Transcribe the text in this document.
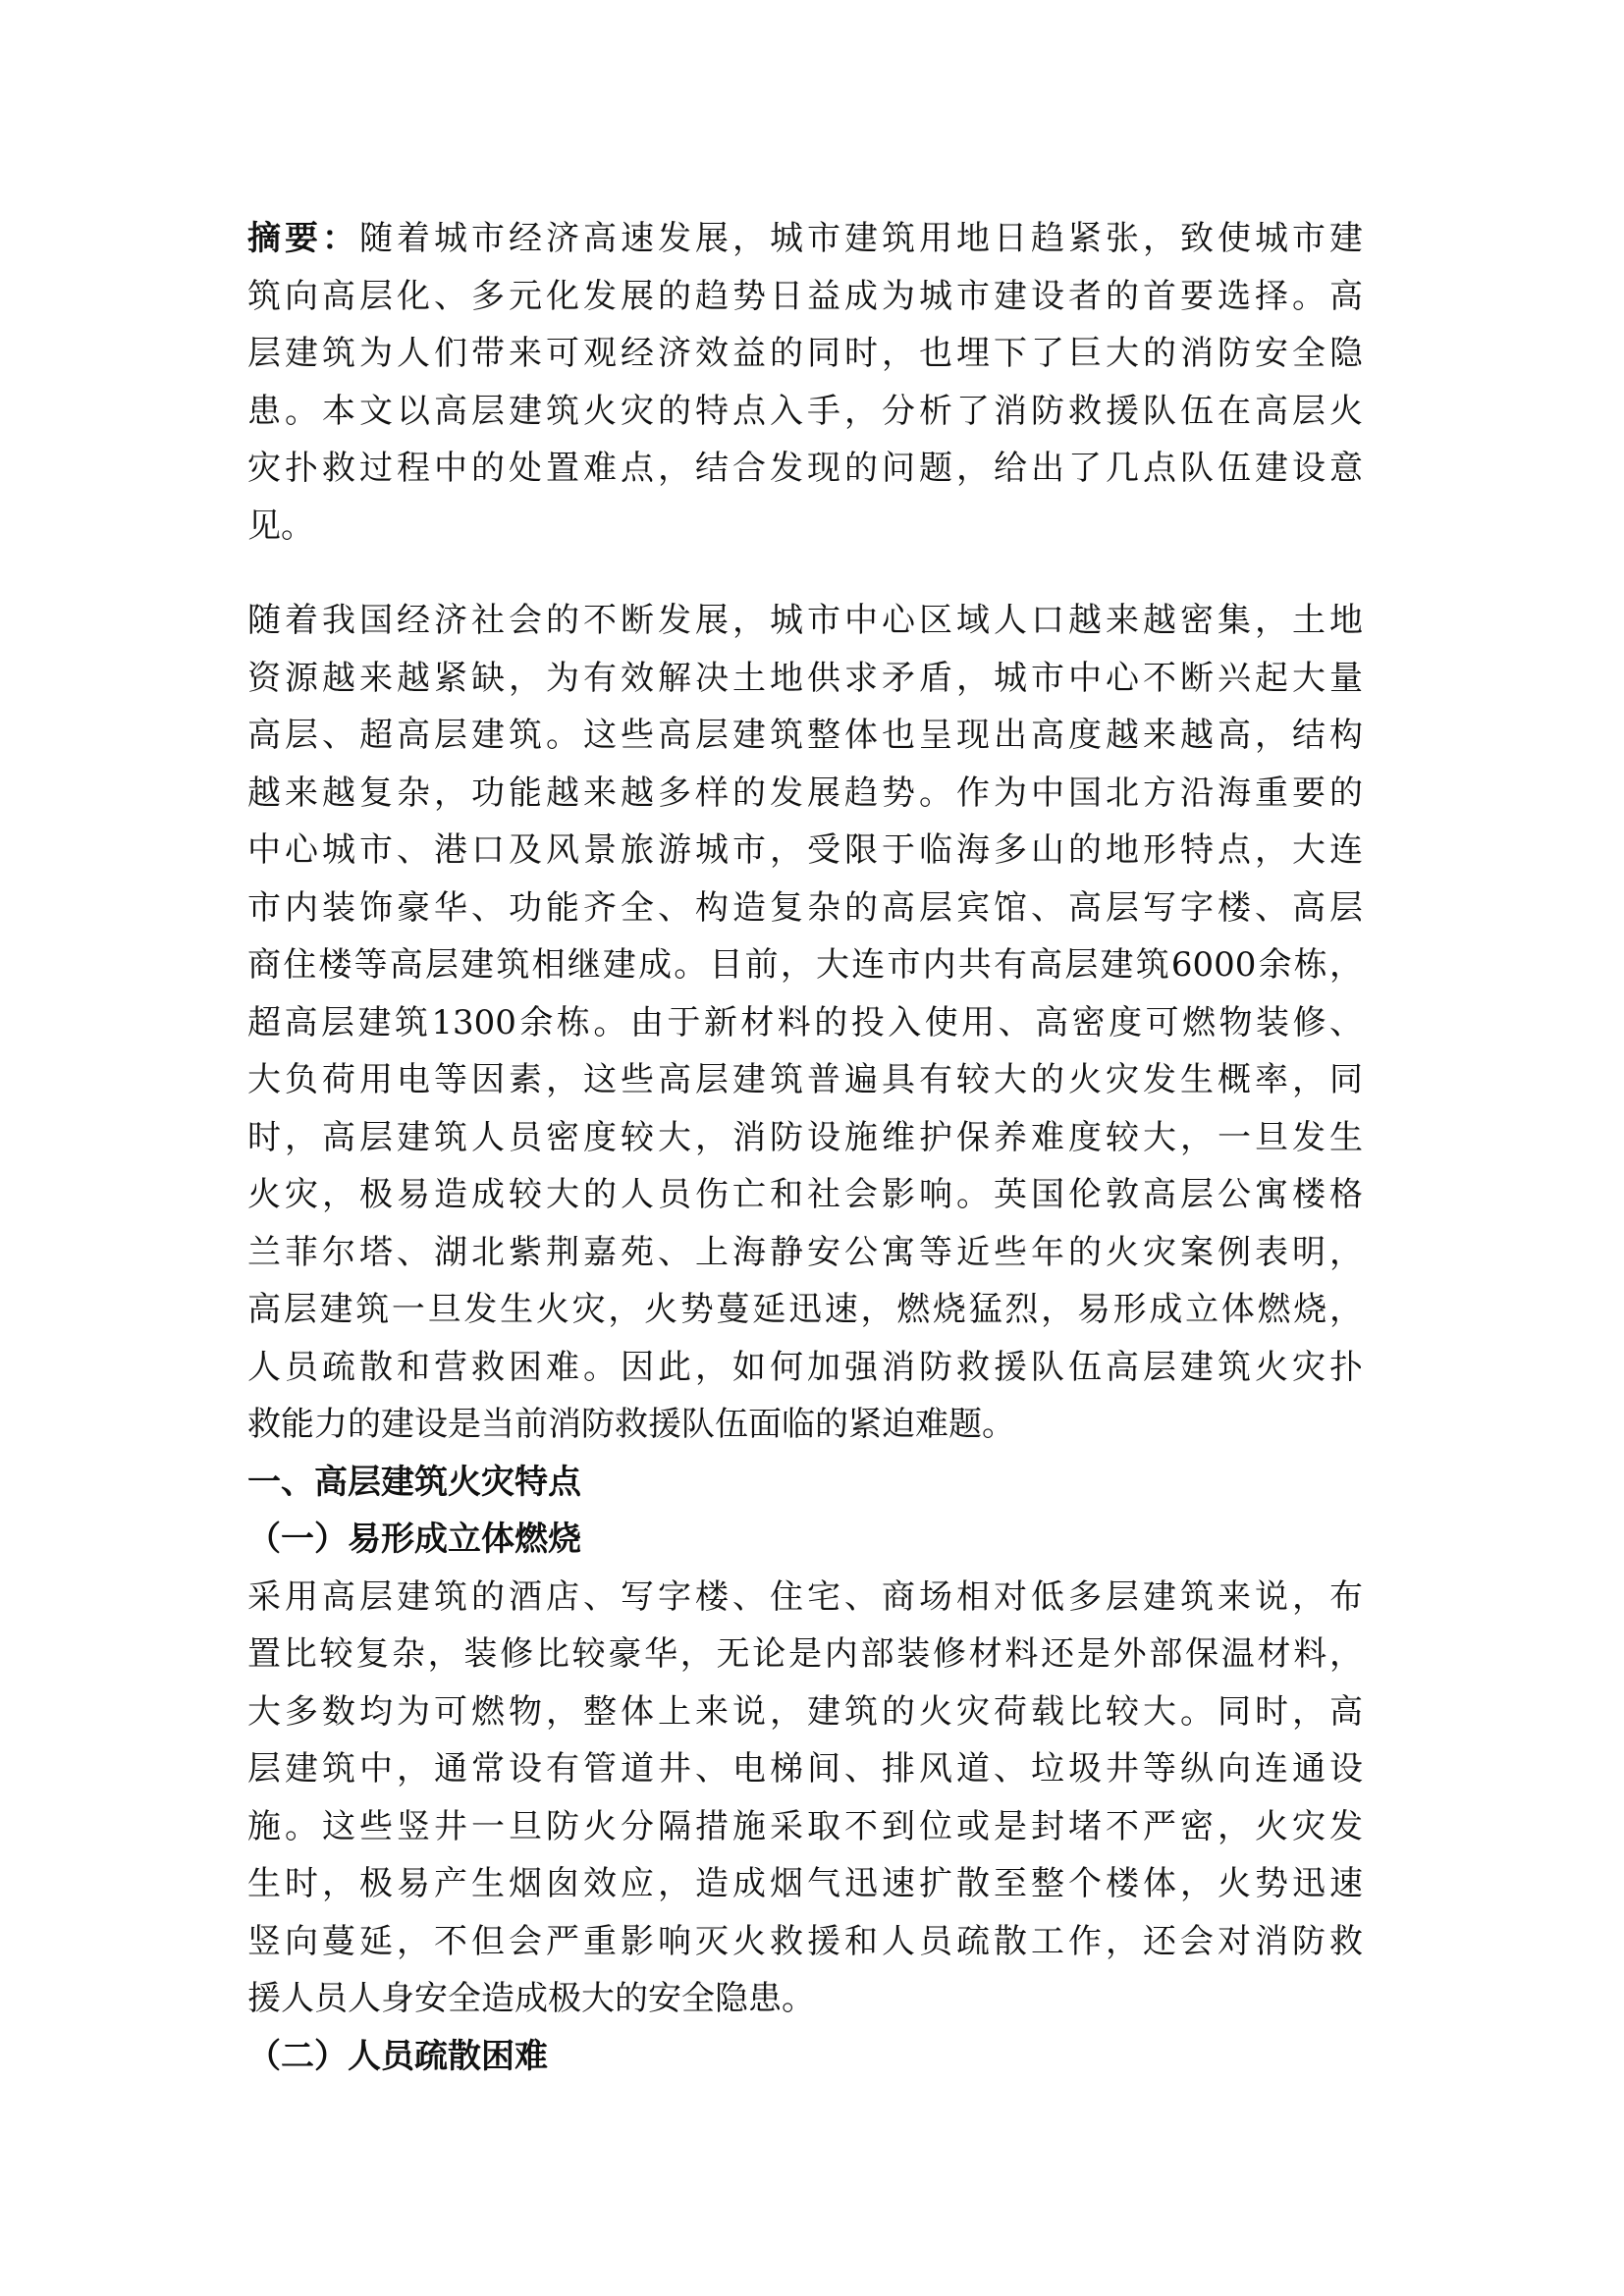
摘要：随着城市经济高速发展，城市建筑用地日趋紧张，致使城市建
筑向高层化、多元化发展的趋势日益成为城市建设者的首要选择。高
层建筑为人们带来可观经济效益的同时，也埋下了巨大的消防安全隐
患。本文以高层建筑火灾的特点入手，分析了消防救援队伍在高层火
灾扑救过程中的处置难点，结合发现的问题，给出了几点队伍建设意
见。
随着我国经济社会的不断发展，城市中心区域人口越来越密集，土地
资源越来越紧缺，为有效解决土地供求矛盾，城市中心不断兴起大量
高层、超高层建筑。这些高层建筑整体也呈现出高度越来越高，结构
越来越复杂，功能越来越多样的发展趋势。作为中国北方沿海重要的
中心城市、港口及风景旅游城市，受限于临海多山的地形特点，大连
市内装饰豪华、功能齐全、构造复杂的高层宾馆、高层写字楼、高层
商住楼等高层建筑相继建成。目前，大连市内共有高层建筑6000余栋，
超高层建筑1300余栋。由于新材料的投入使用、高密度可燃物装修、
大负荷用电等因素，这些高层建筑普遍具有较大的火灾发生概率，同
时，高层建筑人员密度较大，消防设施维护保养难度较大，一旦发生
火灾，极易造成较大的人员伤亡和社会影响。英国伦敦高层公寓楼格
兰菲尔塔、湖北紫荆嘉苑、上海静安公寓等近些年的火灾案例表明，
高层建筑一旦发生火灾，火势蔓延迅速，燃烧猛烈，易形成立体燃烧，
人员疏散和营救困难。因此，如何加强消防救援队伍高层建筑火灾扑
救能力的建设是当前消防救援队伍面临的紧迫难题。
一、高层建筑火灾特点
（一）易形成立体燃烧
采用高层建筑的酒店、写字楼、住宅、商场相对低多层建筑来说，布
置比较复杂，装修比较豪华，无论是内部装修材料还是外部保温材料，
大多数均为可燃物，整体上来说，建筑的火灾荷载比较大。同时，高
层建筑中，通常设有管道井、电梯间、排风道、垃圾井等纵向连通设
施。这些竖井一旦防火分隔措施采取不到位或是封堵不严密，火灾发
生时，极易产生烟囱效应，造成烟气迅速扩散至整个楼体，火势迅速
竖向蔓延，不但会严重影响灭火救援和人员疏散工作，还会对消防救
援人员人身安全造成极大的安全隐患。
（二）人员疏散困难
